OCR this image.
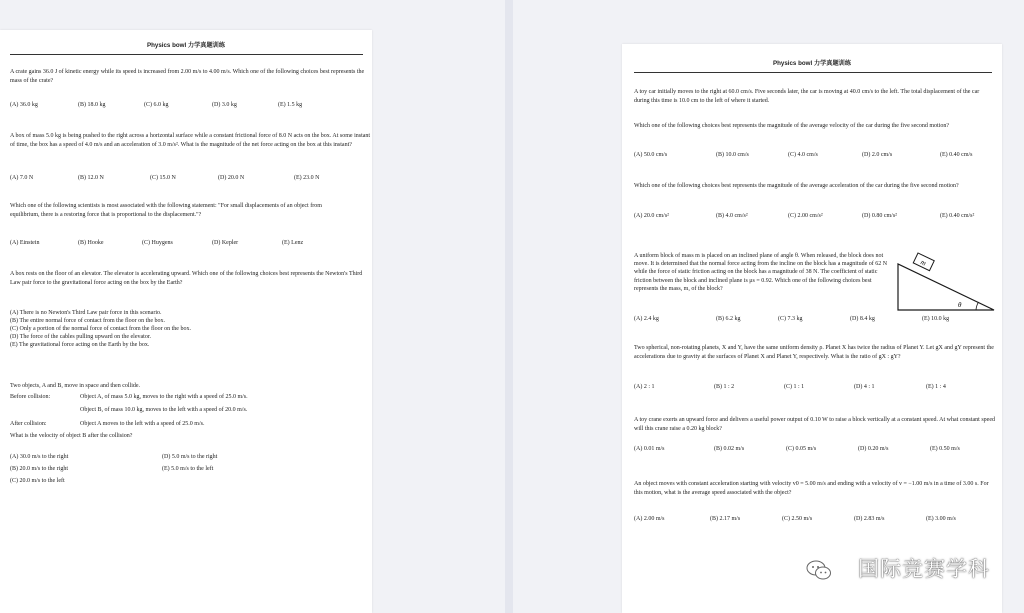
Physics bowl 力学真题训练

A crate gains 36.0 J of kinetic energy while its speed is increased from 2.00 m/s to 4.00 m/s. Which one of the following choices best represents the mass of the crate?

(A) 36.0 kg	(B) 18.0 kg	(C) 6.0 kg	(D) 3.0 kg	(E) 1.5 kg

A box of mass 5.0 kg is being pushed to the right across a horizontal surface while a constant frictional force of 8.0 N acts on the box. At some instant of time, the box has a speed of 4.0 m/s and an acceleration of 3.0 m/s². What is the magnitude of the net force acting on the box at this instant?

(A) 7.0 N	(B) 12.0 N	(C) 15.0 N	(D) 20.0 N	(E) 23.0 N

Which one of the following scientists is most associated with the following statement: "For small displacements of an object from equilibrium, there is a restoring force that is proportional to the displacement."?

(A) Einstein	(B) Hooke	(C) Huygens	(D) Kepler	(E) Lenz

A box rests on the floor of an elevator. The elevator is accelerating upward. Which one of the following choices best represents the Newton's Third Law pair force to the gravitational force acting on the box by the Earth?

(A) There is no Newton's Third Law pair force in this scenario.

(B) The entire normal force of contact from the floor on the box.

(C) Only a portion of the normal force of contact from the floor on the box.

(D) The force of the cables pulling upward on the elevator.

(E) The gravitational force acting on the Earth by the box.

Two objects, A and B, move in space and then collide.

Before collision:	Object A, of mass 5.0 kg, moves to the right with a speed of 25.0 m/s.
Object B, of mass 10.0 kg, moves to the left with a speed of 20.0 m/s.
After collision:	Object A moves to the left with a speed of 25.0 m/s.
What is the velocity of object B after the collision?
(A) 30.0 m/s to the right
(B) 20.0 m/s to the right
(C) 20.0 m/s to the left
(D) 5.0 m/s to the right
(E) 5.0 m/s to the left
Physics bowl 力学真题训练

A toy car initially moves to the right at 60.0 cm/s. Five seconds later, the car is moving at 40.0 cm/s to the left. The total displacement of the car during this time is 10.0 cm to the left of where it started.

Which one of the following choices best represents the magnitude of the average velocity of the car during the five second motion?

(A) 50.0 cm/s	(B) 10.0 cm/s	(C) 4.0 cm/s	(D) 2.0 cm/s	(E) 0.40 cm/s

Which one of the following choices best represents the magnitude of the average acceleration of the car during the five second motion?

(A) 20.0 cm/s²	(B) 4.0 cm/s²	(C) 2.00 cm/s²	(D) 0.80 cm/s²	(E) 0.40 cm/s²

A uniform block of mass m is placed on an inclined plane of angle θ. When released, the block does not move. It is determined that the normal force acting from the incline on the block has a magnitude of 62 N while the force of static friction acting on the block has a magnitude of 38 N. The coefficient of static friction between the block and inclined plane is μs = 0.92. Which one of the following choices best represents the mass, m, of the block?

m
θ
(A) 2.4 kg	(B) 6.2 kg	(C) 7.3 kg	(D) 8.4 kg	(E) 10.0 kg

Two spherical, non-rotating planets, X and Y, have the same uniform density ρ. Planet X has twice the radius of Planet Y. Let gX and gY represent the accelerations due to gravity at the surfaces of Planet X and Planet Y, respectively. What is the ratio of gX : gY?

(A) 2 : 1	(B) 1 : 2	(C) 1 : 1	(D) 4 : 1	(E) 1 : 4

A toy crane exerts an upward force and delivers a useful power output of 0.10 W to raise a block vertically at a constant speed. At what constant speed will this crane raise a 0.20 kg block?

(A) 0.01 m/s	(B) 0.02 m/s	(C) 0.05 m/s	(D) 0.20 m/s	(E) 0.50 m/s

An object moves with constant acceleration starting with velocity v0 = 5.00 m/s and ending with a velocity of v = −1.00 m/s in a time of 3.00 s. For this motion, what is the average speed associated with the object?

(A) 2.00 m/s	(B) 2.17 m/s	(C) 2.50 m/s	(D) 2.83 m/s	(E) 3.00 m/s
国际竞赛学科
